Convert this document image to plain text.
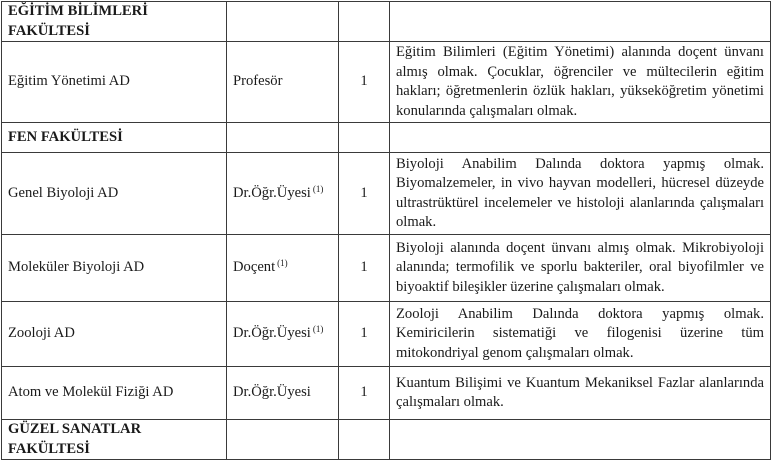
EĞİTİM BİLİMLERİ
FAKÜLTESİ			
Eğitim Yönetimi AD	Profesör	1	Eğitim Bilimleri (Eğitim Yönetimi) alanında doçent ünvanı almış olmak. Çocuklar, öğrenciler ve mültecilerin eğitim hakları; öğretmenlerin özlük hakları, yükseköğretim yönetimi konularında çalışmaları olmak.
FEN FAKÜLTESİ			
Genel Biyoloji AD	Dr.Öğr.Üyesi $^{(1)}$	1	Biyoloji Anabilim Dalında doktora yapmış olmak. Biyomalzemeler, in vivo hayvan modelleri, hücresel düzeyde ultrastrüktürel incelemeler ve histoloji alanlarında çalışmaları olmak.
Moleküler Biyoloji AD	Doçent $^{(1)}$	1	Biyoloji alanında doçent ünvanı almış olmak. Mikrobiyoloji alanında; termofilik ve sporlu bakteriler, oral biyofilmler ve biyoaktif bileşikler üzerine çalışmaları olmak.
Zooloji AD	Dr.Öğr.Üyesi $^{(1)}$	1	Zooloji Anabilim Dalında doktora yapmış olmak. Kemiricilerin sistematiği ve filogenisi üzerine tüm mitokondriyal genom çalışmaları olmak.
Atom ve Molekül Fiziği AD	Dr.Öğr.Üyesi	1	Kuantum Bilişimi ve Kuantum Mekaniksel Fazlar alanlarında çalışmaları olmak.
GÜZEL SANATLAR
FAKÜLTESİ			
